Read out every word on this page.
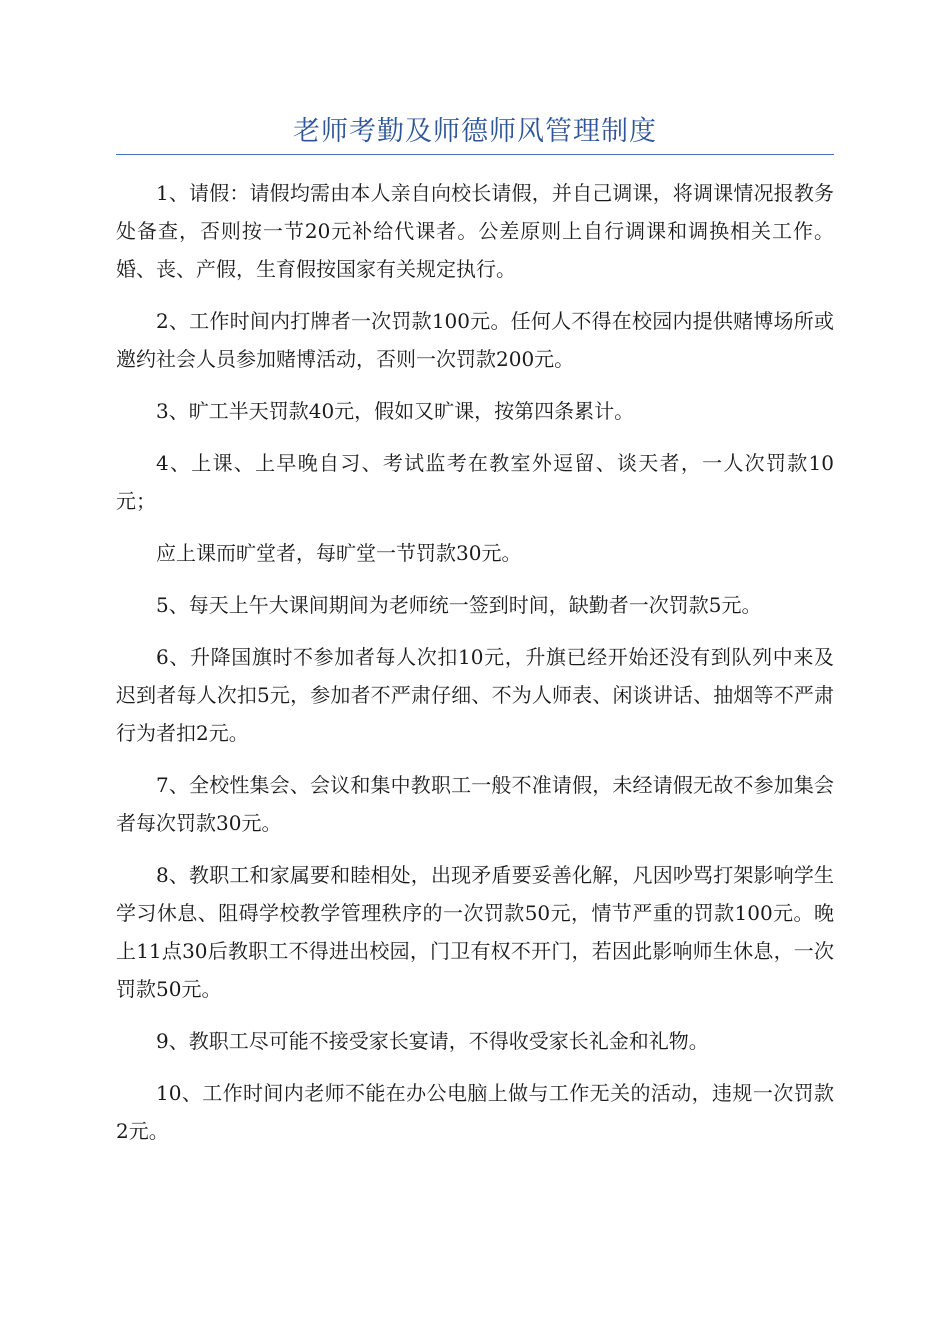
老师考勤及师德师风管理制度

1、请假：请假均需由本人亲自向校长请假，并自己调课，将调课情况报教务处备查，否则按一节20元补给代课者。公差原则上自行调课和调换相关工作。婚、丧、产假，生育假按国家有关规定执行。

2、工作时间内打牌者一次罚款100元。任何人不得在校园内提供赌博场所或邀约社会人员参加赌博活动，否则一次罚款200元。

3、旷工半天罚款40元，假如又旷课，按第四条累计。

4、上课、上早晚自习、考试监考在教室外逗留、谈天者，一人次罚款10元；

应上课而旷堂者，每旷堂一节罚款30元。

5、每天上午大课间期间为老师统一签到时间，缺勤者一次罚款5元。

6、升降国旗时不参加者每人次扣10元，升旗已经开始还没有到队列中来及迟到者每人次扣5元，参加者不严肃仔细、不为人师表、闲谈讲话、抽烟等不严肃行为者扣2元。

7、全校性集会、会议和集中教职工一般不准请假，未经请假无故不参加集会者每次罚款30元。

8、教职工和家属要和睦相处，出现矛盾要妥善化解，凡因吵骂打架影响学生学习休息、阻碍学校教学管理秩序的一次罚款50元，情节严重的罚款100元。晚上11点30后教职工不得进出校园，门卫有权不开门，若因此影响师生休息，一次罚款50元。

9、教职工尽可能不接受家长宴请，不得收受家长礼金和礼物。

10、工作时间内老师不能在办公电脑上做与工作无关的活动，违规一次罚款2元。
